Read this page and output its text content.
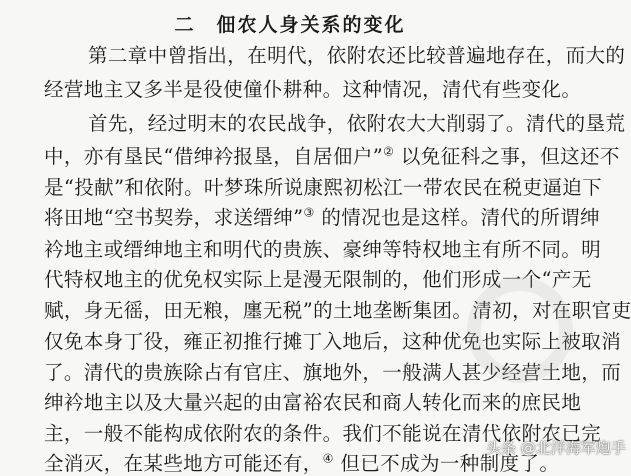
二　佃农人身关系的变化
第二章中曾指出，在明代，依附农还比较普遍地存在，而大的
经营地主又多半是役使僮仆耕种。这种情况，清代有些变化。
首先，经过明末的农民战争，依附农大大削弱了。清代的垦荒
中，亦有垦民“借绅衿报垦，自居佃户”② 以免征科之事，但这还不
是“投献”和依附。叶梦珠所说康熙初松江一带农民在税吏逼迫下
将田地“空书契券，求送缙绅”③ 的情况也是这样。清代的所谓绅
衿地主或缙绅地主和明代的贵族、豪绅等特权地主有所不同。明
代特权地主的优免权实际上是漫无限制的，他们形成一个“产无
赋，身无徭，田无粮，廛无税”的土地垄断集团。清初，对在职官吏
仅免本身丁役，雍正初推行摊丁入地后，这种优免也实际上被取消
了。清代的贵族除占有官庄、旗地外，一般满人甚少经营土地，而
绅衿地主以及大量兴起的由富裕农民和商人转化而来的庶民地
主，一般不能构成依附农的条件。我们不能说在清代依附农已完
全消灭，在某些地方可能还有，④ 但已不成为一种制度了。
头条 @北洋海军炮手
